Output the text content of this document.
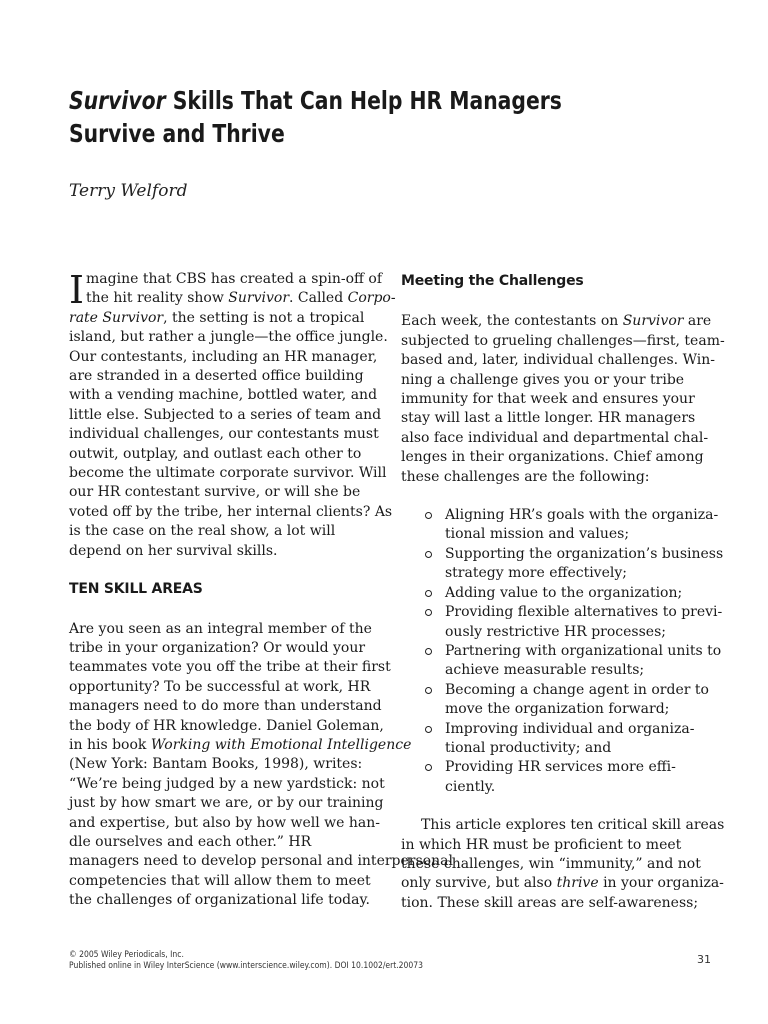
Survivor Skills That Can Help HR Managers
Survive and Thrive
Terry Welford

I magine that CBS has created a spin-off of
the hit reality show Survivor. Called Corpo-
rate Survivor, the setting is not a tropical
island, but rather a jungle—the office jungle.
Our contestants, including an HR manager,
are stranded in a deserted office building
with a vending machine, bottled water, and
little else. Subjected to a series of team and
individual challenges, our contestants must
outwit, outplay, and outlast each other to
become the ultimate corporate survivor. Will
our HR contestant survive, or will she be
voted off by the tribe, her internal clients? As
is the case on the real show, a lot will
depend on her survival skills.

TEN SKILL AREAS

Are you seen as an integral member of the
tribe in your organization? Or would your
teammates vote you off the tribe at their first
opportunity? To be successful at work, HR
managers need to do more than understand
the body of HR knowledge. Daniel Goleman,
in his book Working with Emotional Intelligence
(New York: Bantam Books, 1998), writes:
“We’re being judged by a new yardstick: not
just by how smart we are, or by our training
and expertise, but also by how well we han-
dle ourselves and each other.” HR
managers need to develop personal and interpersonal
competencies that will allow them to meet
the challenges of organizational life today.

Meeting the Challenges

Each week, the contestants on Survivor are
subjected to grueling challenges—first, team-
based and, later, individual challenges. Win-
ning a challenge gives you or your tribe
immunity for that week and ensures your
stay will last a little longer. HR managers
also face individual and departmental chal-
lenges in their organizations. Chief among
these challenges are the following:

Aligning HR’s goals with the organiza-
tional mission and values;
Supporting the organization’s business
strategy more effectively;
Adding value to the organization;
Providing flexible alternatives to previ-
ously restrictive HR processes;
Partnering with organizational units to
achieve measurable results;
Becoming a change agent in order to
move the organization forward;
Improving individual and organiza-
tional productivity; and
Providing HR services more effi-
ciently.

This article explores ten critical skill areas
in which HR must be proficient to meet
these challenges, win “immunity,” and not
only survive, but also thrive in your organiza-
tion. These skill areas are self-awareness;

© 2005 Wiley Periodicals, Inc.
Published online in Wiley InterScience (www.interscience.wiley.com). DOI 10.1002/ert.20073	31
